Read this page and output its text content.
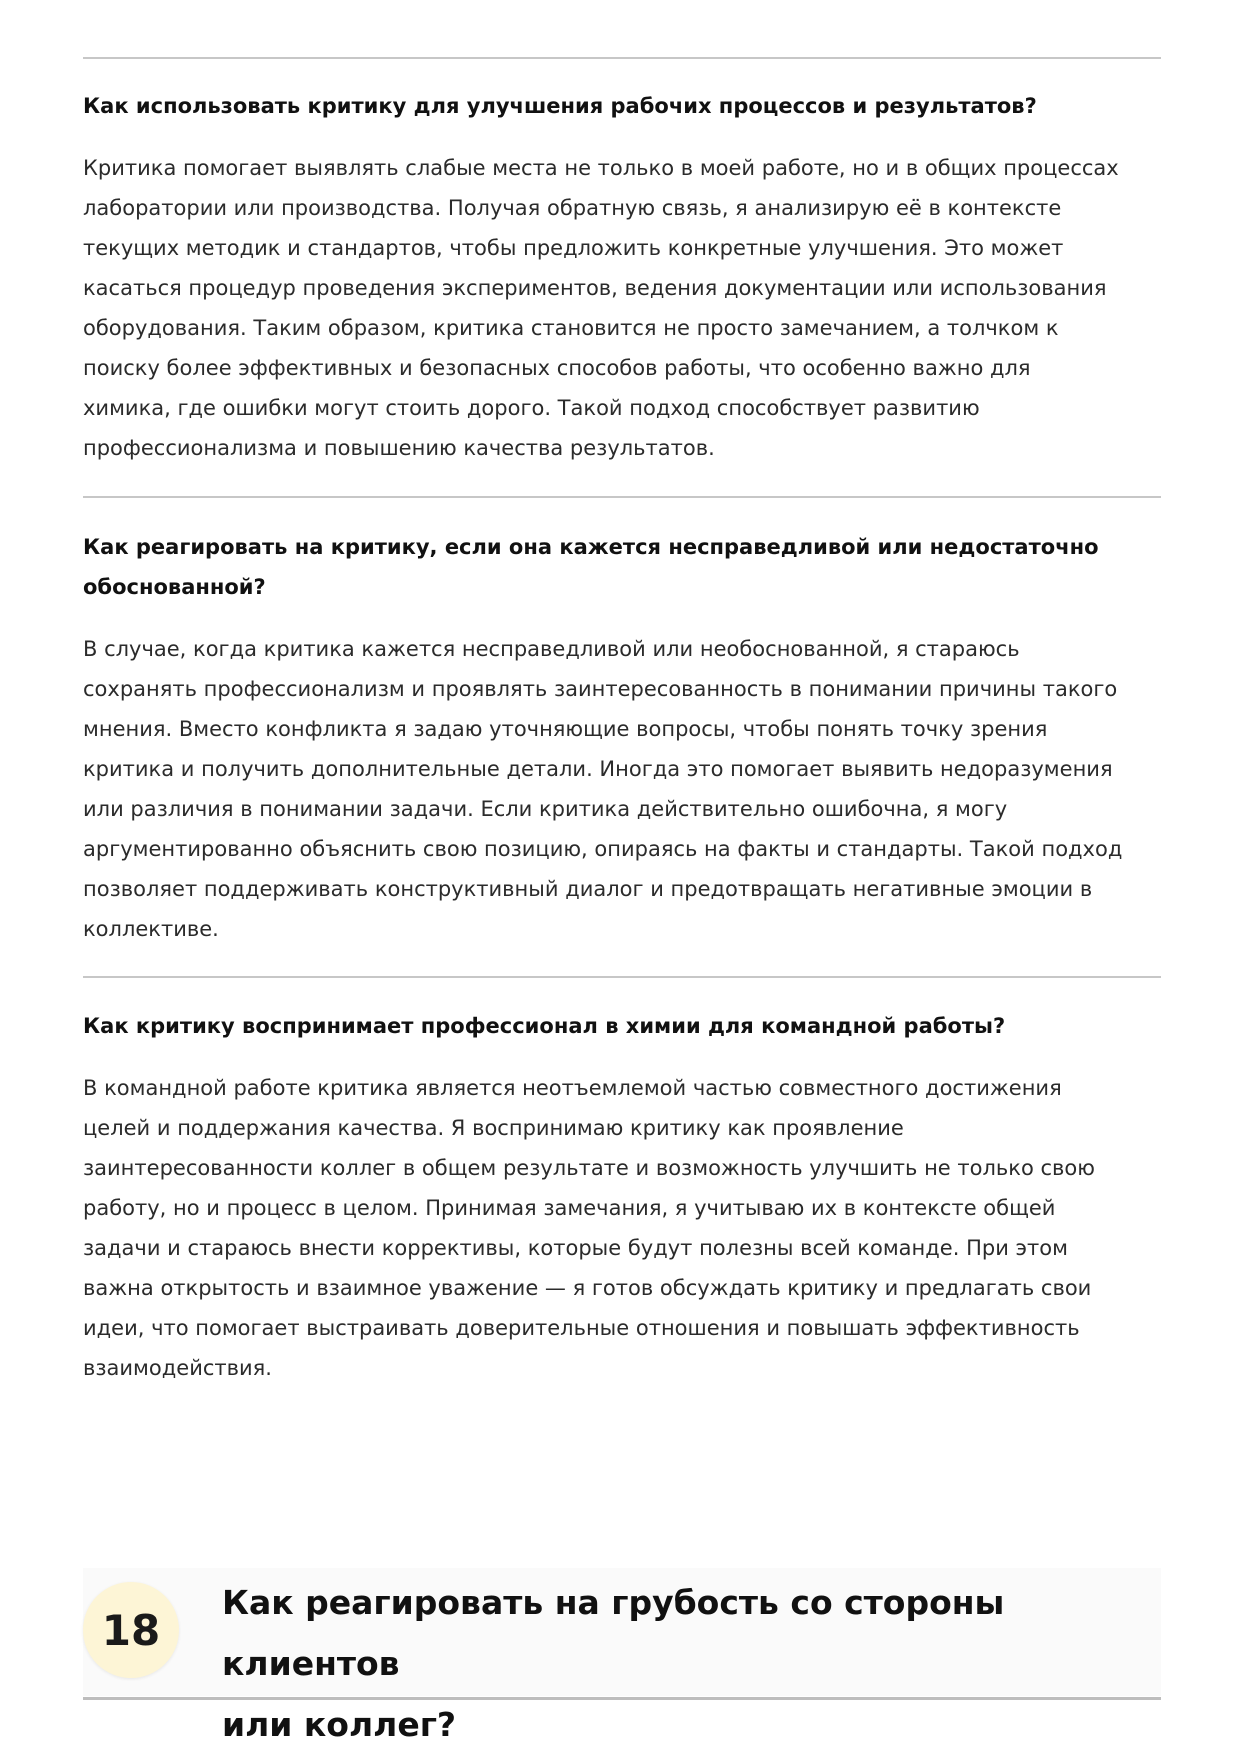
Как использовать критику для улучшения рабочих процессов и результатов?

Критика помогает выявлять слабые места не только в моей работе, но и в общих процессах
лаборатории или производства. Получая обратную связь, я анализирую её в контексте
текущих методик и стандартов, чтобы предложить конкретные улучшения. Это может
касаться процедур проведения экспериментов, ведения документации или использования
оборудования. Таким образом, критика становится не просто замечанием, а толчком к
поиску более эффективных и безопасных способов работы, что особенно важно для
химика, где ошибки могут стоить дорого. Такой подход способствует развитию
профессионализма и повышению качества результатов.

Как реагировать на критику, если она кажется несправедливой или недостаточно
обоснованной?

В случае, когда критика кажется несправедливой или необоснованной, я стараюсь
сохранять профессионализм и проявлять заинтересованность в понимании причины такого
мнения. Вместо конфликта я задаю уточняющие вопросы, чтобы понять точку зрения
критика и получить дополнительные детали. Иногда это помогает выявить недоразумения
или различия в понимании задачи. Если критика действительно ошибочна, я могу
аргументированно объяснить свою позицию, опираясь на факты и стандарты. Такой подход
позволяет поддерживать конструктивный диалог и предотвращать негативные эмоции в
коллективе.

Как критику воспринимает профессионал в химии для командной работы?

В командной работе критика является неотъемлемой частью совместного достижения
целей и поддержания качества. Я воспринимаю критику как проявление
заинтересованности коллег в общем результате и возможность улучшить не только свою
работу, но и процесс в целом. Принимая замечания, я учитываю их в контексте общей
задачи и стараюсь внести коррективы, которые будут полезны всей команде. При этом
важна открытость и взаимное уважение — я готов обсуждать критику и предлагать свои
идеи, что помогает выстраивать доверительные отношения и повышать эффективность
взаимодействия.

18
Как реагировать на грубость со стороны клиентов
или коллег?
